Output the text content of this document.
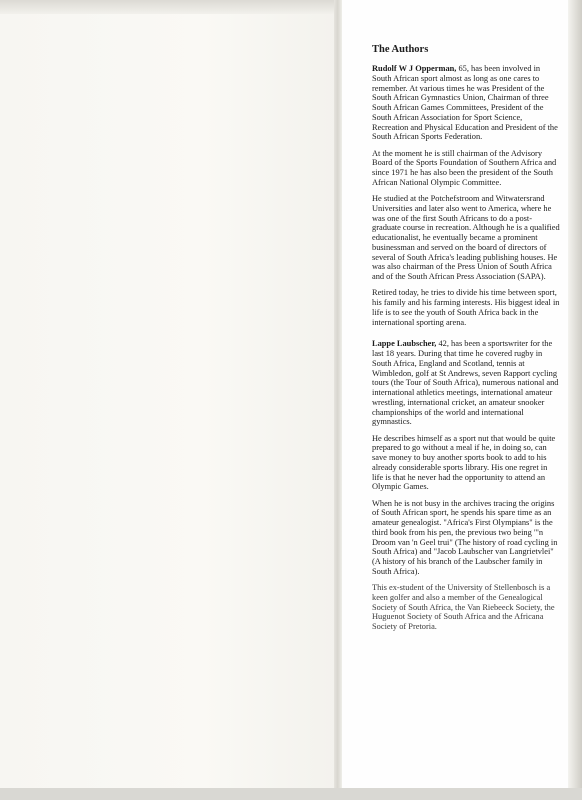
The Authors

Rudolf W J Opperman, 65, has been involved in South African sport almost as long as one cares to remember. At various times he was President of the South African Gymnastics Union, Chairman of three South African Games Committees, President of the South African Association for Sport Science, Recreation and Physical Education and President of the South African Sports Federation.

At the moment he is still chairman of the Advisory Board of the Sports Foundation of Southern Africa and since 1971 he has also been the president of the South African National Olympic Committee.

He studied at the Potchefstroom and Witwatersrand Universities and later also went to America, where he was one of the first South Africans to do a post-graduate course in recreation. Although he is a qualified educationalist, he eventually became a prominent businessman and served on the board of directors of several of South Africa's leading publishing houses. He was also chairman of the Press Union of South Africa and of the South African Press Association (SAPA).

Retired today, he tries to divide his time between sport, his family and his farming interests. His biggest ideal in life is to see the youth of South Africa back in the international sporting arena.

Lappe Laubscher, 42, has been a sportswriter for the last 18 years. During that time he covered rugby in South Africa, England and Scotland, tennis at Wimbledon, golf at St Andrews, seven Rapport cycling tours (the Tour of South Africa), numerous national and international athletics meetings, international amateur wrestling, international cricket, an amateur snooker championships of the world and international gymnastics.

He describes himself as a sport nut that would be quite prepared to go without a meal if he, in doing so, can save money to buy another sports book to add to his already considerable sports library. His one regret in life is that he never had the opportunity to attend an Olympic Games.

When he is not busy in the archives tracing the origins of South African sport, he spends his spare time as an amateur genealogist. "Africa's First Olympians" is the third book from his pen, the previous two being "'n Droom van 'n Geel trui" (The history of road cycling in South Africa) and "Jacob Laubscher van Langrietvlei" (A history of his branch of the Laubscher family in South Africa).

This ex-student of the University of Stellenbosch is a keen golfer and also a member of the Genealogical Society of South Africa, the Van Riebeeck Society, the Huguenot Society of South Africa and the Africana Society of Pretoria.
